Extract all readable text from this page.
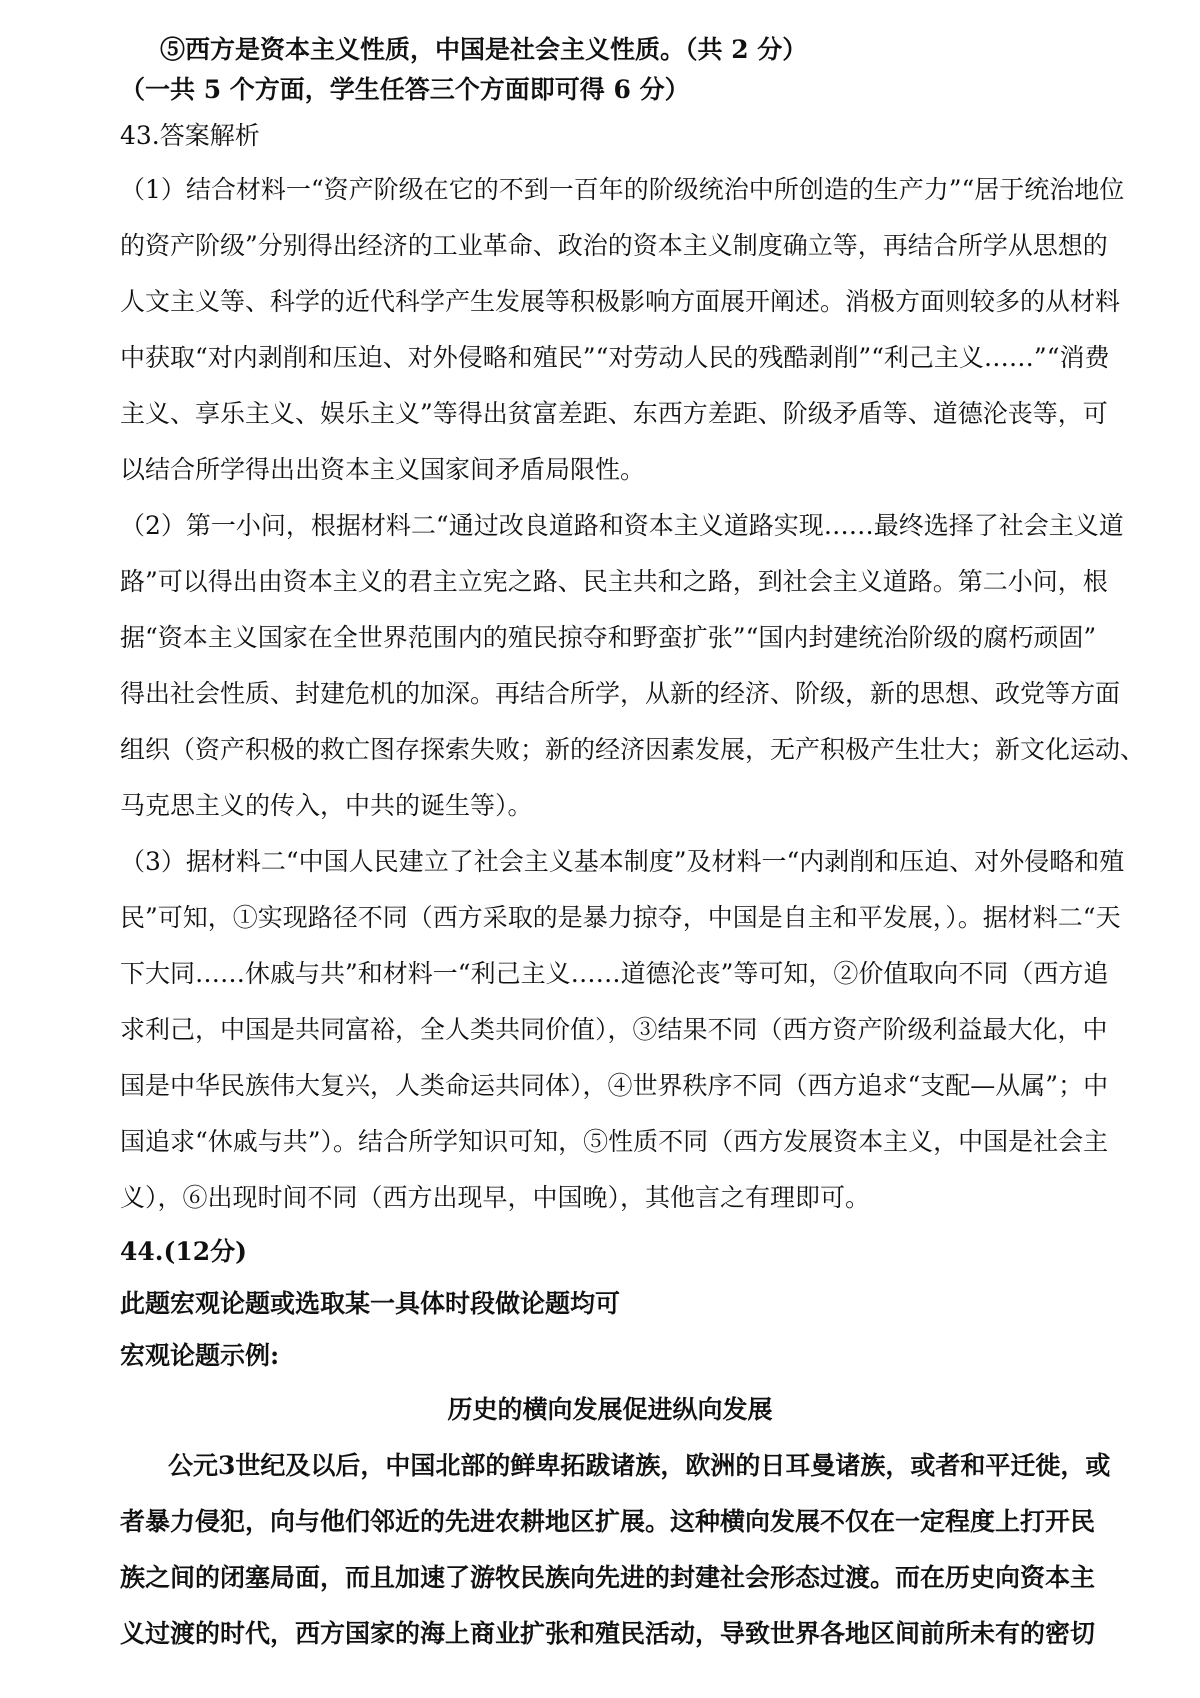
⑤西方是资本主义性质，中国是社会主义性质。（共 2 分）

（一共 5 个方面，学生任答三个方面即可得 6 分）

43.答案解析

（1）结合材料一“资产阶级在它的不到一百年的阶级统治中所创造的生产力”“居于统治地位

的资产阶级”分别得出经济的工业革命、政治的资本主义制度确立等，再结合所学从思想的

人文主义等、科学的近代科学产生发展等积极影响方面展开阐述。消极方面则较多的从材料

中获取“对内剥削和压迫、对外侵略和殖民”“对劳动人民的残酷剥削”“利己主义……”“消费

主义、享乐主义、娱乐主义”等得出贫富差距、东西方差距、阶级矛盾等、道德沦丧等，可

以结合所学得出出资本主义国家间矛盾局限性。

（2）第一小问，根据材料二“通过改良道路和资本主义道路实现……最终选择了社会主义道

路”可以得出由资本主义的君主立宪之路、民主共和之路，到社会主义道路。第二小问，根

据“资本主义国家在全世界范围内的殖民掠夺和野蛮扩张”“国内封建统治阶级的腐朽顽固”

得出社会性质、封建危机的加深。再结合所学，从新的经济、阶级，新的思想、政党等方面

组织（资产积极的救亡图存探索失败；新的经济因素发展，无产积极产生壮大；新文化运动、

马克思主义的传入，中共的诞生等）。

（3）据材料二“中国人民建立了社会主义基本制度”及材料一“内剥削和压迫、对外侵略和殖

民”可知，①实现路径不同（西方采取的是暴力掠夺，中国是自主和平发展，）。据材料二“天

下大同……休戚与共”和材料一“利己主义……道德沦丧”等可知，②价值取向不同（西方追

求利己，中国是共同富裕，全人类共同价值），③结果不同（西方资产阶级利益最大化，中

国是中华民族伟大复兴，人类命运共同体），④世界秩序不同（西方追求“支配—从属”；中

国追求“休戚与共”）。结合所学知识可知，⑤性质不同（西方发展资本主义，中国是社会主

义），⑥出现时间不同（西方出现早，中国晚），其他言之有理即可。

44.(12分)

此题宏观论题或选取某一具体时段做论题均可

宏观论题示例:

历史的横向发展促进纵向发展

公元3世纪及以后，中国北部的鲜卑拓跋诸族，欧洲的日耳曼诸族，或者和平迁徙，或

者暴力侵犯，向与他们邻近的先进农耕地区扩展。这种横向发展不仅在一定程度上打开民

族之间的闭塞局面，而且加速了游牧民族向先进的封建社会形态过渡。而在历史向资本主

义过渡的时代，西方国家的海上商业扩张和殖民活动，导致世界各地区间前所未有的密切
